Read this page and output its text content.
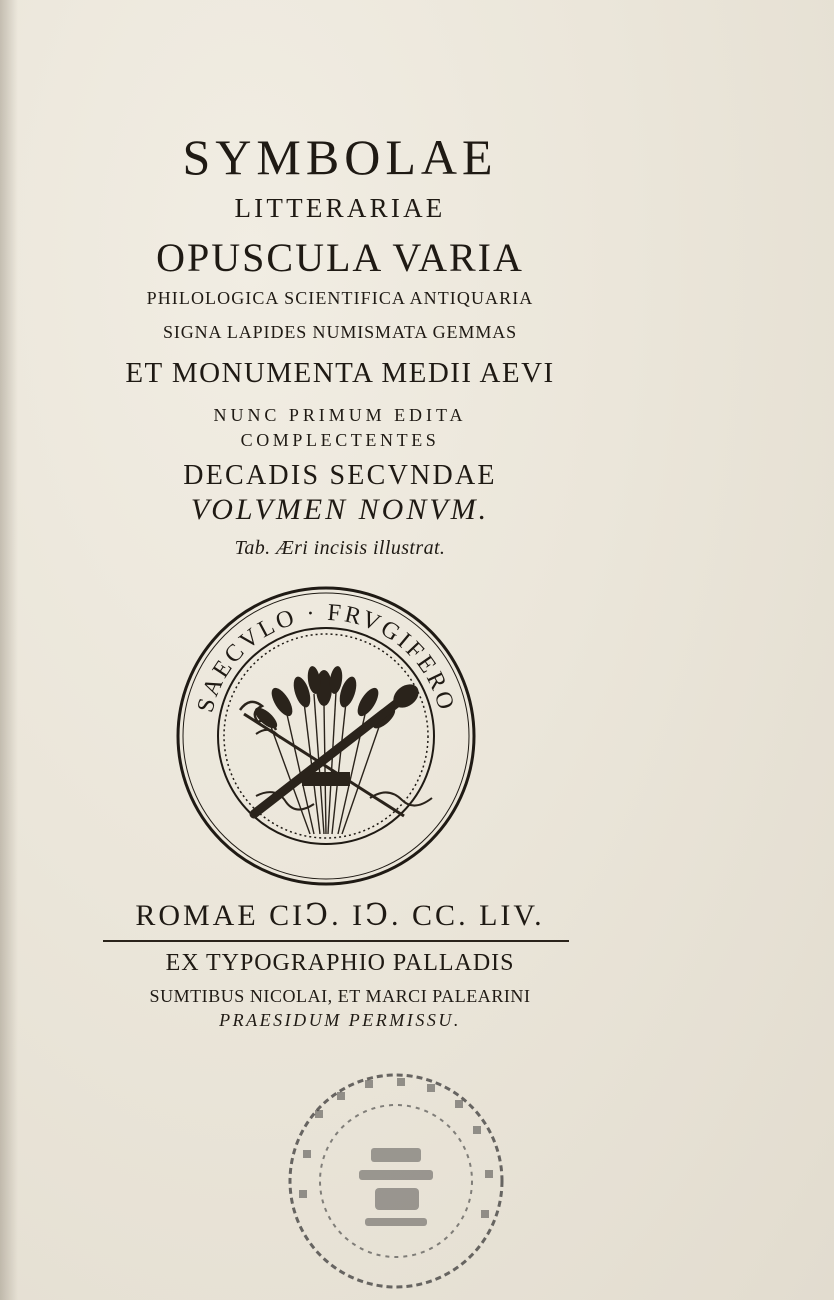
SYMBOLAE
LITTERARIAE
OPUSCULA VARIA
PHILOLOGICA SCIENTIFICA ANTIQUARIA
SIGNA LAPIDES NUMISMATA GEMMAS
ET MONUMENTA MEDII AEVI
NUNC PRIMUM EDITA
COMPLECTENTES
DECADIS SECVNDAE
VOLVMEN NONVM.
Tab. Æri incisis illustrat.
SAECVLO · FRVGIFERO
ROMAE CIↃ. IↃ. CC. LIV.
EX TYPOGRAPHIO PALLADIS
SUMTIBUS NICOLAI, ET MARCI PALEARINI
PRAESIDUM PERMISSU.
